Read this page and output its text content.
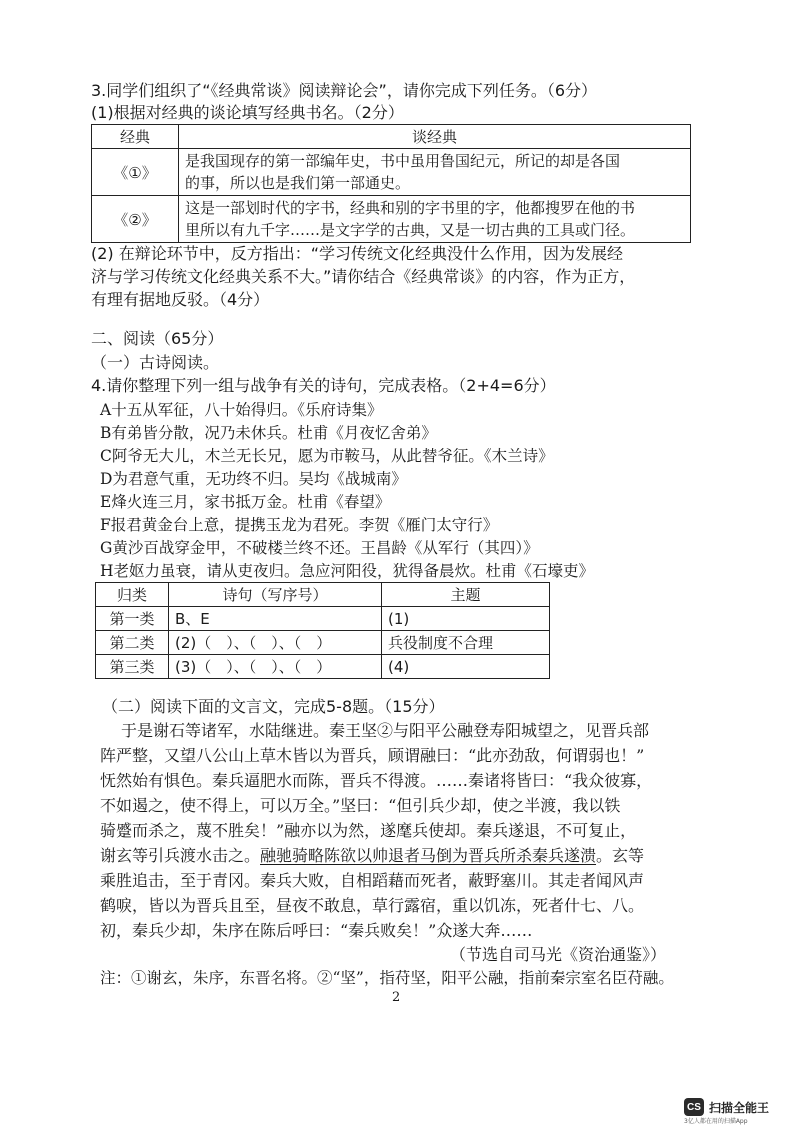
3.同学们组织了“《经典常谈》阅读辩论会”，请你完成下列任务。（6分）
(1)根据对经典的谈论填写经典书名。（2分）
经典	谈经典
《①》	是我国现存的第一部编年史，书中虽用鲁国纪元，所记的却是各国
的事，所以也是我们第一部通史。

《②》	这是一部划时代的字书，经典和别的字书里的字，他都搜罗在他的书
里所以有九千字……是文字学的古典，又是一切古典的工具或门径。
(2) 在辩论环节中，反方指出：“学习传统文化经典没什么作用，因为发展经
济与学习传统文化经典关系不大。”请你结合《经典常谈》的内容，作为正方，
有理有据地反驳。（4分）
二、阅读（65分）
（一）古诗阅读。
4.请你整理下列一组与战争有关的诗句，完成表格。（2+4=6分）
A十五从军征，八十始得归。《乐府诗集》
B有弟皆分散，况乃未休兵。杜甫《月夜忆舍弟》
C阿爷无大儿，木兰无长兄，愿为市鞍马，从此替爷征。《木兰诗》
D为君意气重，无功终不归。吴均《战城南》
E烽火连三月，家书抵万金。杜甫《春望》
F报君黄金台上意，提携玉龙为君死。李贺《雁门太守行》
G黄沙百战穿金甲，不破楼兰终不还。王昌龄《从军行（其四）》
H老妪力虽衰，请从吏夜归。急应河阳役，犹得备晨炊。杜甫《石壕吏》
归类	诗句（写序号）	主题
第一类	B、E	(1)
第二类	(2)（　）、（　）、（　）	兵役制度不合理
第三类	(3)（　）、（　）、（　）	(4)
（二）阅读下面的文言文，完成5-8题。（15分）
于是谢石等诸军，水陆继进。秦王坚②与阳平公融登寿阳城望之，见晋兵部
阵严整，又望八公山上草木皆以为晋兵，顾谓融曰：“此亦劲敌，何谓弱也！”
怃然始有惧色。秦兵逼肥水而陈，晋兵不得渡。……秦诸将皆曰：“我众彼寡，
不如遏之，使不得上，可以万全。”坚曰：“但引兵少却，使之半渡，我以铁
骑蹙而杀之，蔑不胜矣！”融亦以为然，遂麾兵使却。秦兵遂退，不可复止，
谢玄等引兵渡水击之。融驰骑略陈欲以帅退者马倒为晋兵所杀秦兵遂溃。玄等
乘胜追击，至于青冈。秦兵大败，自相蹈藉而死者，蔽野塞川。其走者闻风声
鹤唳，皆以为晋兵且至，昼夜不敢息，草行露宿，重以饥冻，死者什七、八。
初，秦兵少却，朱序在陈后呼曰：“秦兵败矣！”众遂大奔……
（节选自司马光《资治通鉴》）
注：①谢玄，朱序，东晋名将。②“坚”，指苻坚，阳平公融，指前秦宗室名臣苻融。
2
CS 扫描全能王
3亿人都在用的扫描App
